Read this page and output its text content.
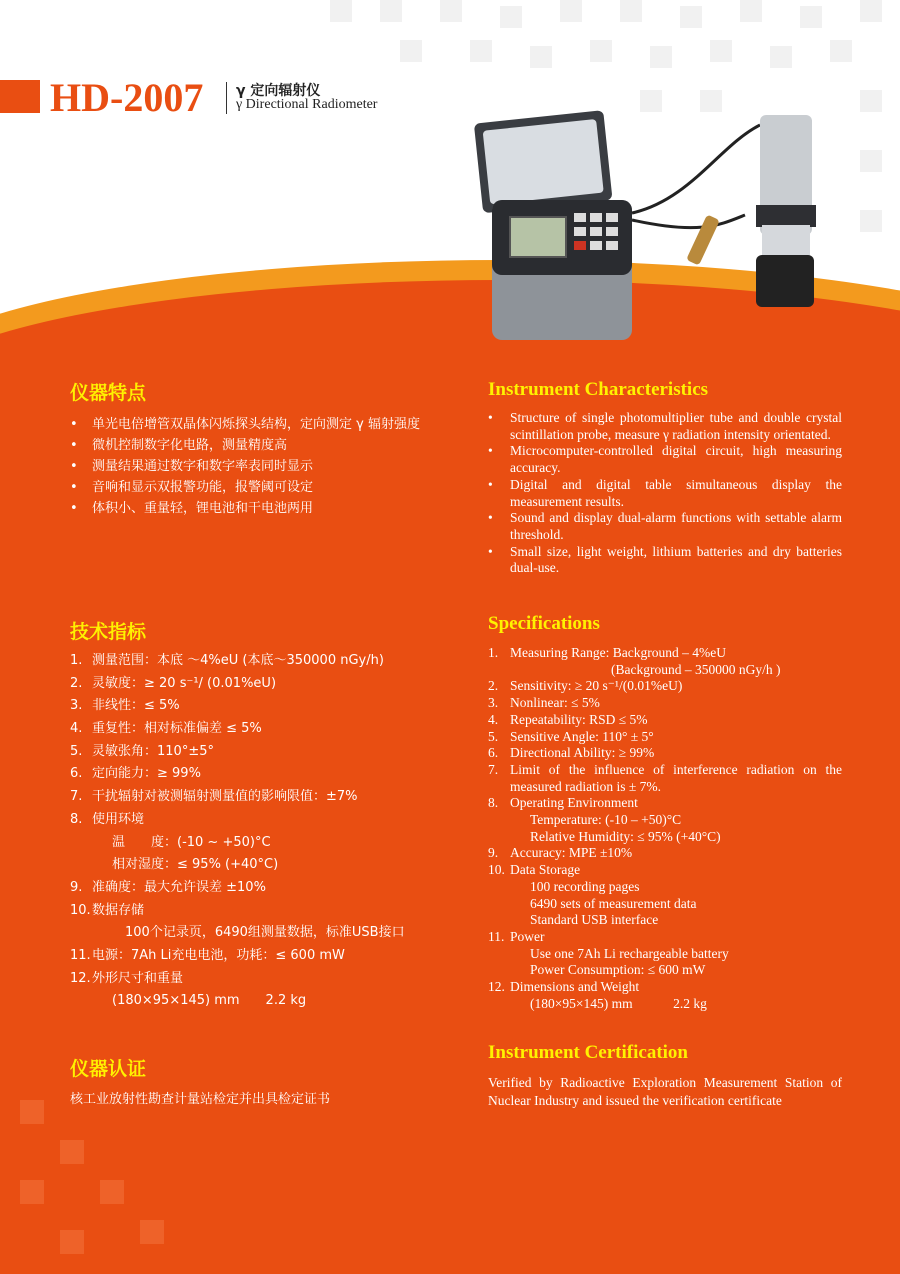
HD-2007 γ 定向辐射仪
γ Directional Radiometer
仪器特点
• 单光电倍增管双晶体闪烁探头结构，定向测定 γ 辐射强度
• 微机控制数字化电路，测量精度高
• 测量结果通过数字和数字率表同时显示
• 音响和显示双报警功能，报警阈可设定
• 体积小、重量轻，锂电池和干电池两用
技术指标
1. 测量范围：本底 ～4%eU (本底～350000 nGy/h)
2. 灵敏度：≥ 20 s⁻¹/ (0.01%eU)
3. 非线性：≤ 5%
4. 重复性：相对标准偏差 ≤ 5%
5. 灵敏张角：110°±5°
6. 定向能力：≥ 99%
7. 干扰辐射对被测辐射测量值的影响限值：±7%
8. 使用环境
温　　度：(-10 ~ +50)°C
相对湿度：≤ 95% (+40°C)
9. 准确度：最大允许误差 ±10%
10.数据存储
　100个记录页，6490组测量数据，标准USB接口
11.电源：7Ah Li充电电池，功耗：≤ 600 mW
12.外形尺寸和重量
(180×95×145) mm　　2.2 kg
仪器认证
核工业放射性勘查计量站检定并出具检定证书
Instrument Characteristics
• Structure of single photomultiplier tube and double crystal scintillation probe, measure γ radiation intensity orientated.
• Microcomputer-controlled digital circuit, high measuring accuracy.
• Digital and digital table simultaneous display the measurement results.
• Sound and display dual-alarm functions with settable alarm threshold.
• Small size, light weight, lithium batteries and dry batteries dual-use.
Specifications
1. Measuring Range: Background – 4%eU
　　　　　　(Background – 350000 nGy/h )
2. Sensitivity: ≥ 20 s⁻¹/(0.01%eU)
3. Nonlinear: ≤ 5%
4. Repeatability: RSD ≤ 5%
5. Sensitive Angle: 110° ± 5°
6. Directional Ability: ≥ 99%
7. Limit of the influence of interference radiation on the measured radiation is ± 7%.
8. Operating Environment
Temperature: (-10 – +50)°C
Relative Humidity: ≤ 95% (+40°C)
9. Accuracy: MPE ±10%
10. Data Storage
100 recording pages
6490 sets of measurement data
Standard USB interface
11. Power
Use one 7Ah Li rechargeable battery
Power Consumption: ≤ 600 mW
12. Dimensions and Weight
(180×95×145) mm　　　2.2 kg
Instrument Certification
Verified by Radioactive Exploration Measurement Station of Nuclear Industry and issued the verification certificate
